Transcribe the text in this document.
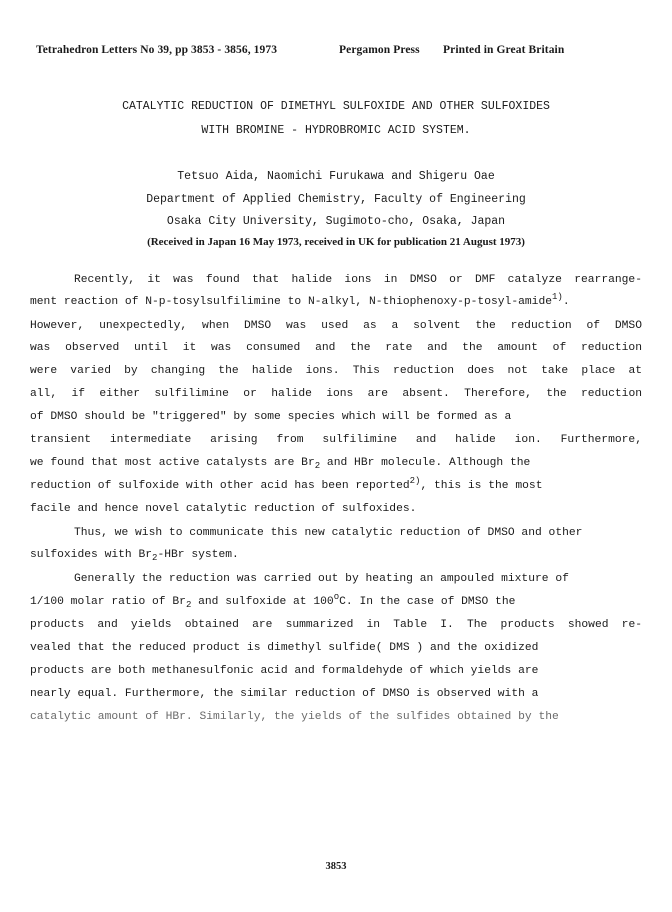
Tetrahedron Letters No 39, pp 3853 - 3856, 1973	Pergamon Press Printed in Great Britain
CATALYTIC REDUCTION OF DIMETHYL SULFOXIDE AND OTHER SULFOXIDES
WITH BROMINE - HYDROBROMIC ACID SYSTEM.
Tetsuo Aida, Naomichi Furukawa and Shigeru Oae
Department of Applied Chemistry, Faculty of Engineering
Osaka City University, Sugimoto-cho, Osaka, Japan
(Received in Japan 16 May 1973, received in UK for publication 21 August 1973)
Recently, it was found that halide ions in DMSO or DMF catalyze rearrange-
ment reaction of N-p-tosylsulfilimine to N-alkyl, N-thiophenoxy-p-tosyl-amide$^{1)}$.
However, unexpectedly, when DMSO was used as a solvent the reduction of DMSO
was observed until it was consumed and the rate and the amount of reduction
were varied by changing the halide ions. This reduction does not take place at
all, if either sulfilimine or halide ions are absent. Therefore, the reduction
of DMSO should be "triggered" by some species which will be formed as a
transient intermediate arising from sulfilimine and halide ion. Furthermore,
we found that most active catalysts are $Br_2$ and HBr molecule. Although the
reduction of sulfoxide with other acid has been reported$^{2)}$, this is the most
facile and hence novel catalytic reduction of sulfoxides.
Thus, we wish to communicate this new catalytic reduction of DMSO and other
sulfoxides with $Br_2$-HBr system.
Generally the reduction was carried out by heating an ampouled mixture of
1/100 molar ratio of $Br_2$ and sulfoxide at 100$^o$C. In the case of DMSO the
products and yields obtained are summarized in Table I. The products showed re-
vealed that the reduced product is dimethyl sulfide( DMS ) and the oxidized
products are both methanesulfonic acid and formaldehyde of which yields are
nearly equal. Furthermore, the similar reduction of DMSO is observed with a
catalytic amount of HBr. Similarly, the yields of the sulfides obtained by the
3853
